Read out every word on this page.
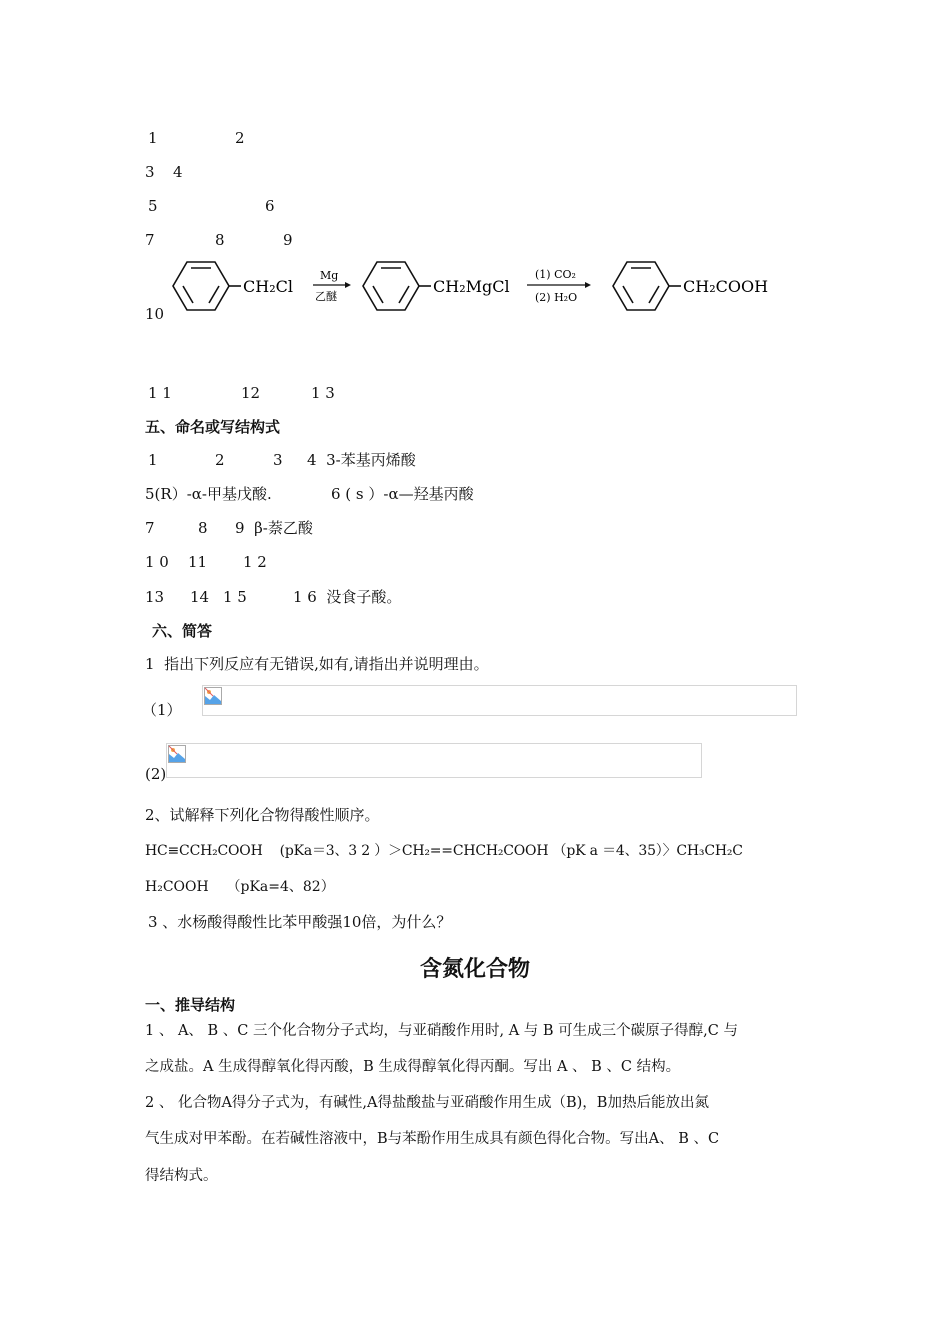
1

	2

3

4

5

	6

7

	8

	9

10

CH₂Cl
Mg
乙醚
CH₂MgCl
(1) CO₂
(2) H₂O
CH₂COOH

1 1

	12

	1 3

五、命名或写结构式

1

	2

	3

4  3-苯基丙烯酸

5(R）-α-甲基戊酸.

	6 ( s ）-α—羟基丙酸

7

	8

9  β-萘乙酸

1 0

11

1 2

13

14

1 5

	1 6  没食子酸。

六、简答
1  指出下列反应有无错误,如有,请指出并说明理由。
（1）
(2)
2、试解释下列化合物得酸性顺序。
HC≡CCH₂COOH    (pKa＝3、3 2 ）＞CH₂==CHCH₂COOH （pK a ＝4、35）〉CH₃CH₂C
H₂COOH    （pKa=4、82）
3 、水杨酸得酸性比苯甲酸强10倍，为什么？
含氮化合物
一、推导结构
1 、 A、 B 、C 三个化合物分子式均，与亚硝酸作用时, A 与 B 可生成三个碳原子得醇,C 与
之成盐。A 生成得醇氧化得丙酸，B 生成得醇氧化得丙酮。写出 A 、 B 、C 结构。
2 、 化合物A得分子式为，有碱性,A得盐酸盐与亚硝酸作用生成（B)，B加热后能放出氮
气生成对甲苯酚。在若碱性溶液中，B与苯酚作用生成具有颜色得化合物。写出A、 B 、C
得结构式。
